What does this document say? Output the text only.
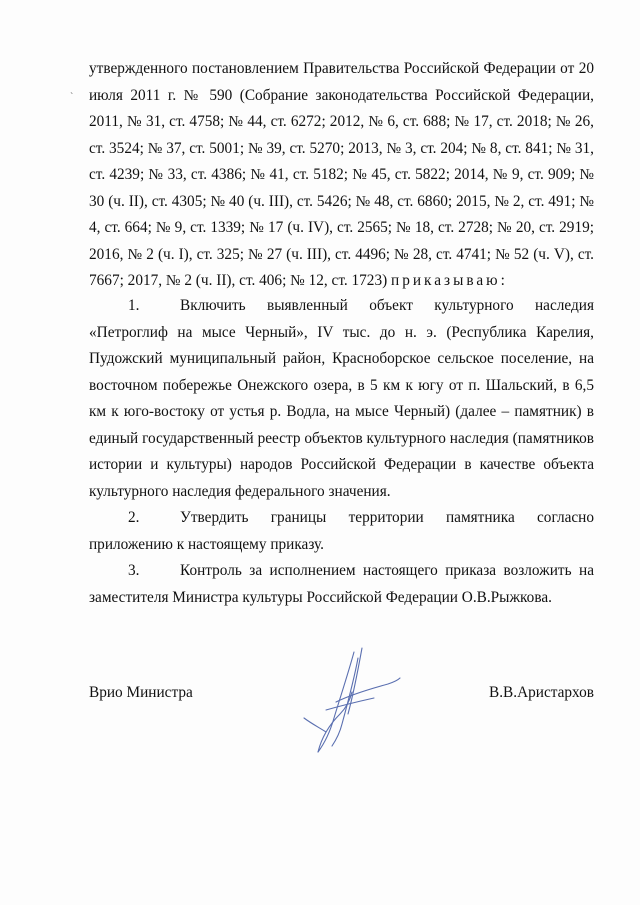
`
утвержденного постановлением Правительства Российской Федерации от 20 июля 2011 г. № 590 (Собрание законодательства Российской Федерации, 2011, № 31, ст. 4758; № 44, ст. 6272; 2012, № 6, ст. 688; № 17, ст. 2018; № 26, ст. 3524; № 37, ст. 5001; № 39, ст. 5270; 2013, № 3, ст. 204; № 8, ст. 841; № 31, ст. 4239; № 33, ст. 4386; № 41, ст. 5182; № 45, ст. 5822; 2014, № 9, ст. 909; № 30 (ч. II), ст. 4305; № 40 (ч. III), ст. 5426; № 48, ст. 6860; 2015, № 2, ст. 491; № 4, ст. 664; № 9, ст. 1339; № 17 (ч. IV), ст. 2565; № 18, ст. 2728; № 20, ст. 2919; 2016, № 2 (ч. I), ст. 325; № 27 (ч. III), ст. 4496; № 28, ст. 4741; № 52 (ч. V), ст. 7667; 2017, № 2 (ч. II), ст. 406; № 12, ст. 1723) приказываю:

1.	Включить выявленный объект культурного наследия «Петроглиф на мысе Черный», IV тыс. до н. э. (Республика Карелия, Пудожский муниципальный район, Красноборское сельское поселение, на восточном побережье Онежского озера, в 5 км к югу от п. Шальский, в 6,5 км к юго-востоку от устья р. Водла, на мысе Черный) (далее – памятник) в единый государственный реестр объектов культурного наследия (памятников истории и культуры) народов Российской Федерации в качестве объекта культурного наследия федерального значения.

2.	Утвердить границы территории памятника согласно приложению к настоящему приказу.

3.	Контроль за исполнением настоящего приказа возложить на заместителя Министра культуры Российской Федерации О.В.Рыжкова.

Врио Министра	В.В.Аристархов
